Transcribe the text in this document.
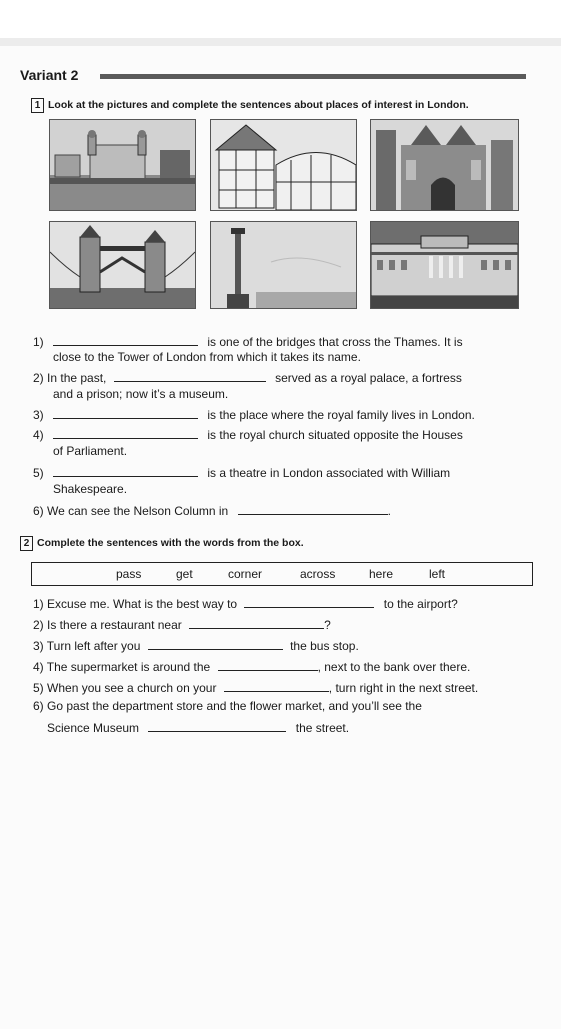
Variant 2
1 Look at the pictures and complete the sentences about places of interest in London.
1)	is one of the bridges that cross the Thames. It is
close to the Tower of London from which it takes its name.
2) In the past,	served as a royal palace, a fortress
and a prison; now it’s a museum.
3)	is the place where the royal family lives in London.
4)	is the royal church situated opposite the Houses
of Parliament.
5)	is a theatre in London associated with William
Shakespeare.
6) We can see the Nelson Column in	.
2 Complete the sentences with the words from the box.
pass	get	corner	across	here	left
1) Excuse me. What is the best way to	to the airport?
2) Is there a restaurant near	?
3) Turn left after you	the bus stop.
4) The supermarket is around the	, next to the bank over there.
5) When you see a church on your	, turn right in the next street.
6) Go past the department store and the flower market, and you’ll see the
Science Museum	the street.
